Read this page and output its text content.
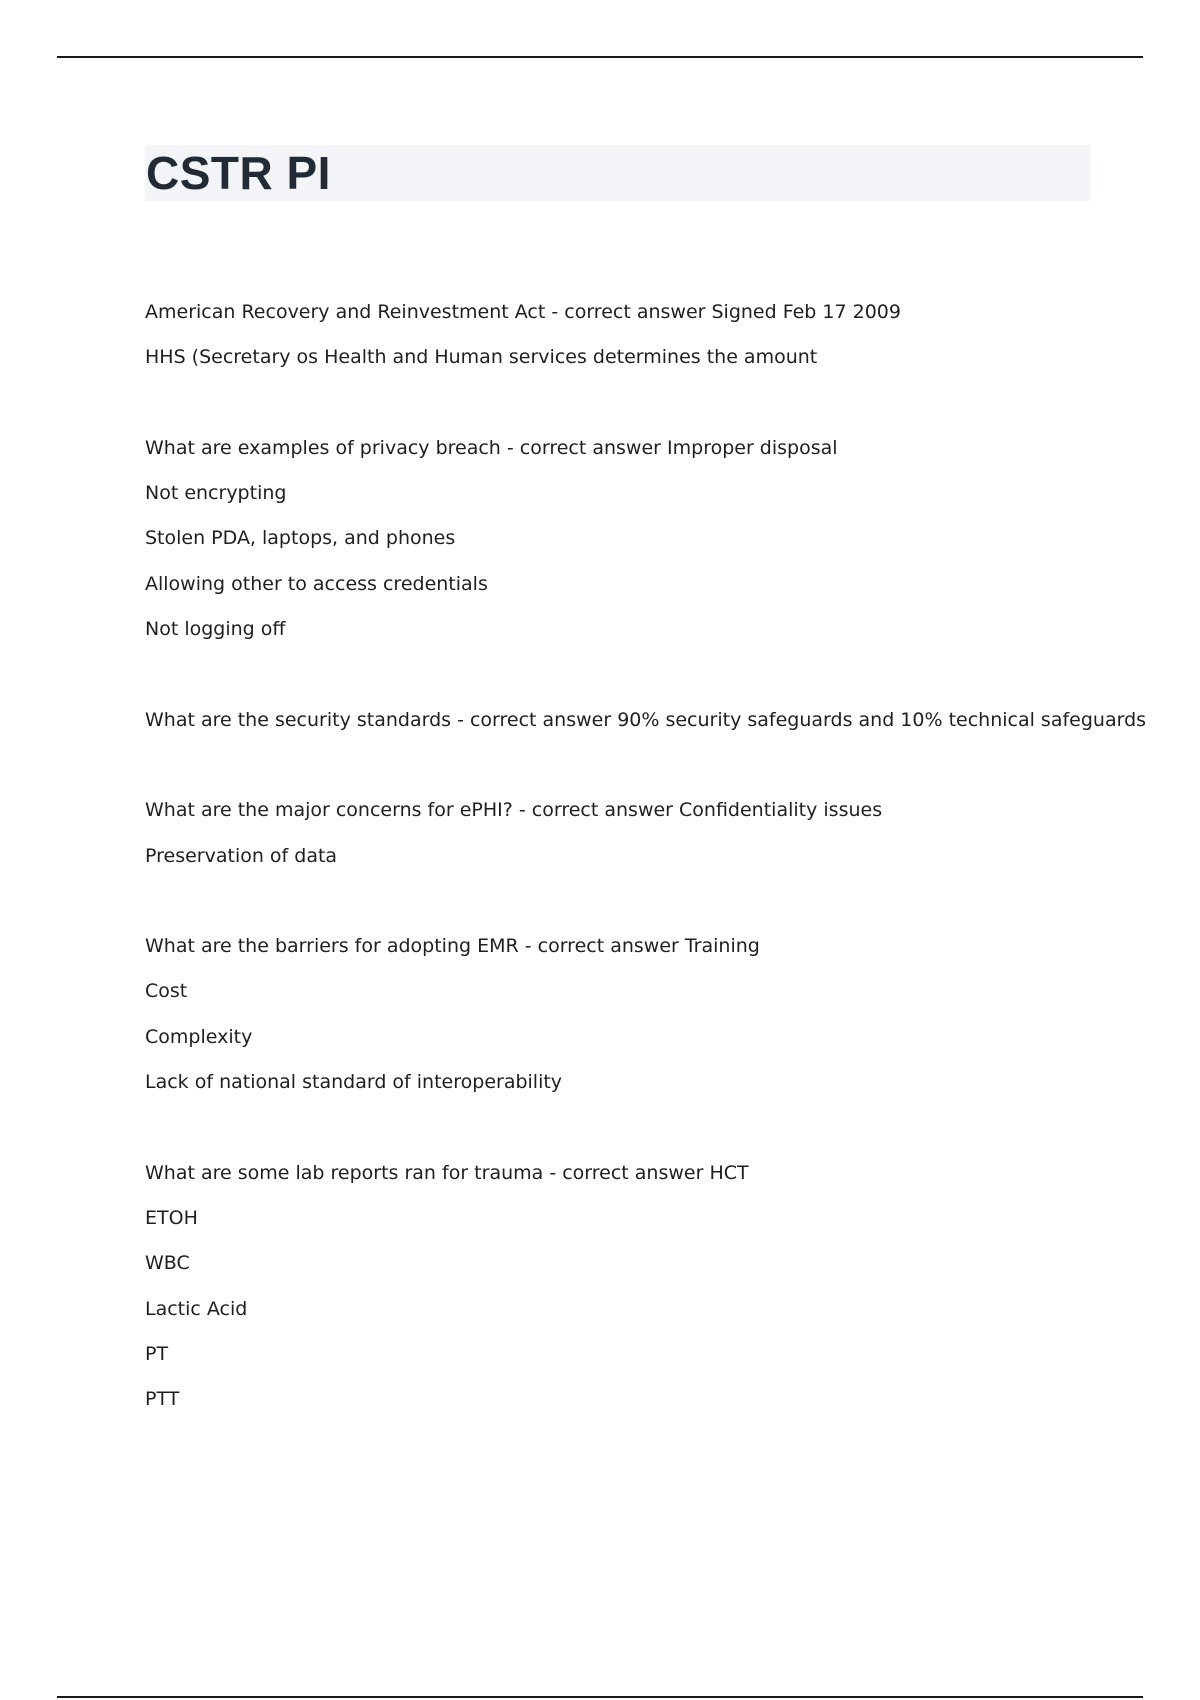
CSTR PI
American Recovery and Reinvestment Act - correct answer Signed Feb 17 2009
HHS (Secretary os Health and Human services determines the amount
What are examples of privacy breach - correct answer Improper disposal
Not encrypting
Stolen PDA, laptops, and phones
Allowing other to access credentials
Not logging off
What are the security standards - correct answer 90% security safeguards and 10% technical safeguards
What are the major concerns for ePHI? - correct answer Confidentiality issues
Preservation of data
What are the barriers for adopting EMR - correct answer Training
Cost
Complexity
Lack of national standard of interoperability
What are some lab reports ran for trauma - correct answer HCT
ETOH
WBC
Lactic Acid
PT
PTT
